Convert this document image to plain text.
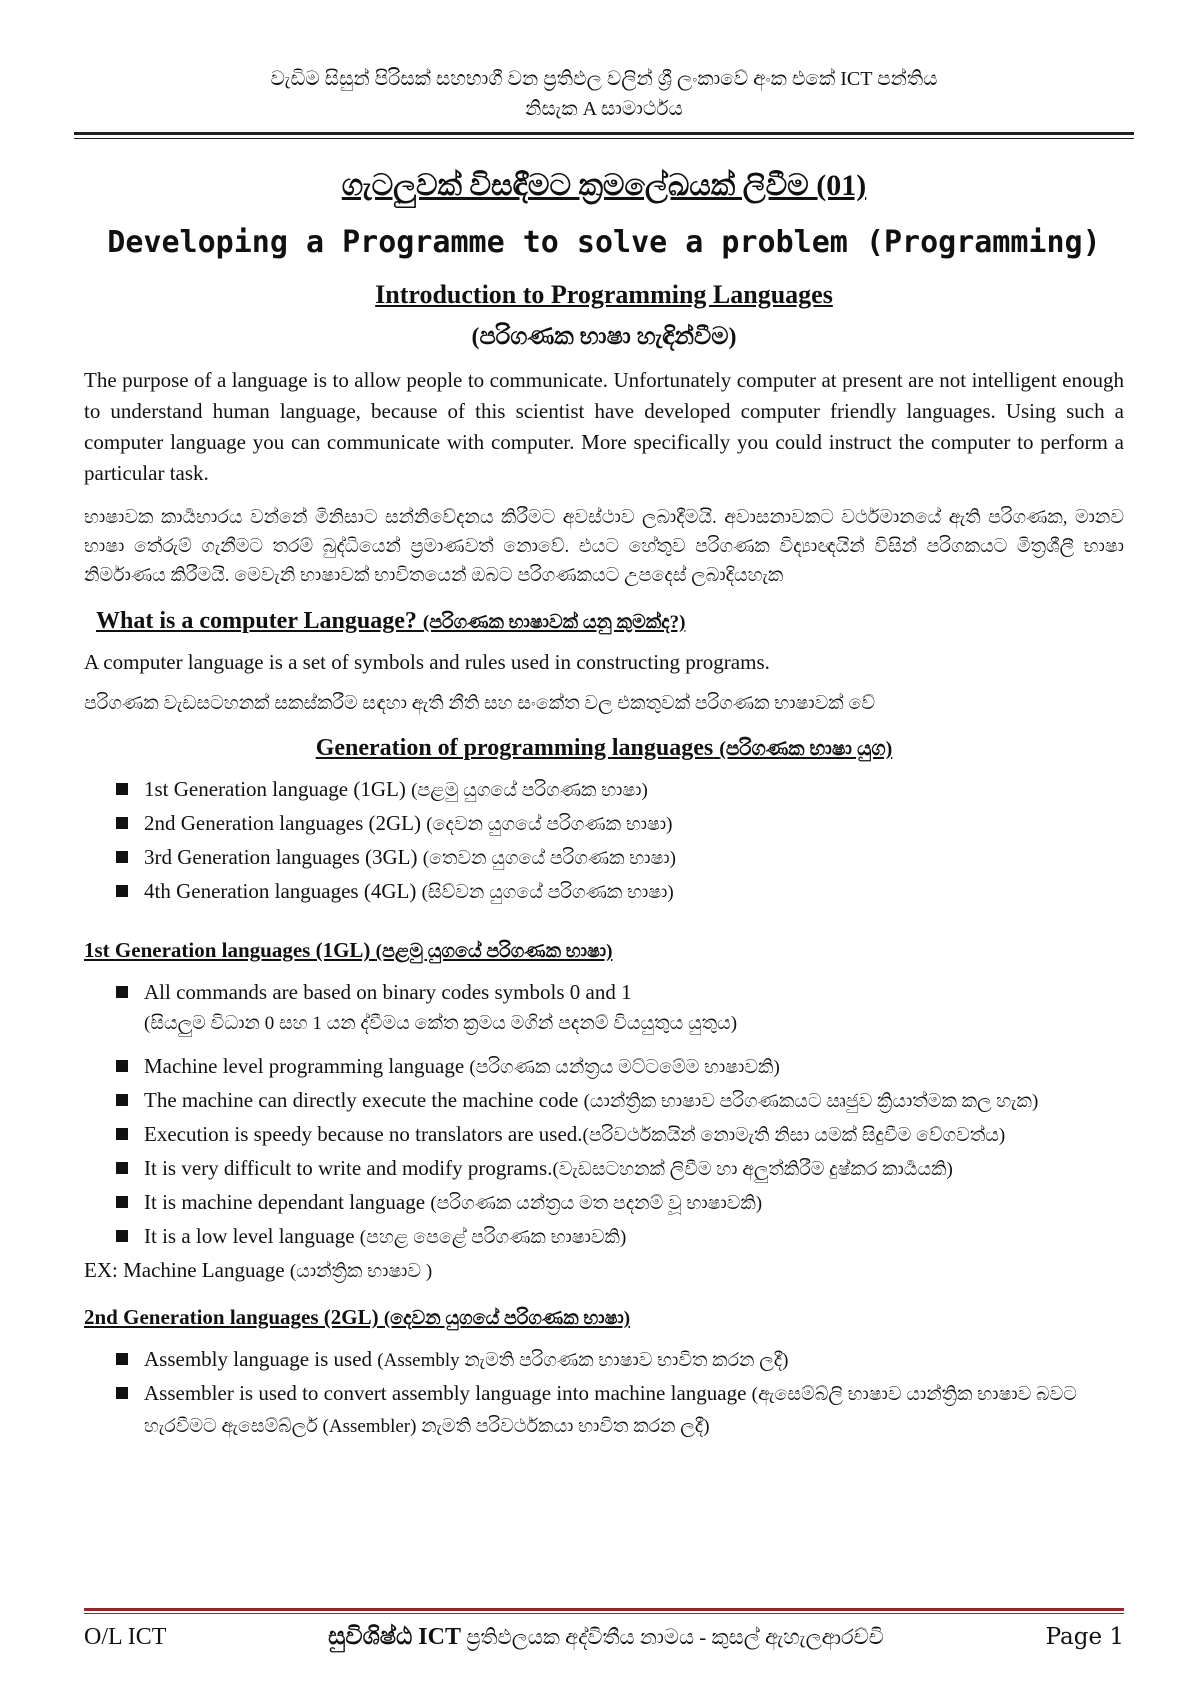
වැඩිම සිසුන් පිරිසක් සහභාගී වන ප්‍රතිඵල වලින් ශ්‍රී ලංකාවේ අංක එකේ ICT පන්තිය
නිසැක A සාමාර්ථය
ගැටලුවක් විසඳීමට ක්‍රමලේඛයක් ලිවීම (01)
Developing a Programme to solve a problem (Programming)
Introduction to Programming Languages
(පරිගණක භාෂා හැඳින්වීම)

The purpose of a language is to allow people to communicate. Unfortunately computer at present are not intelligent enough to understand human language, because of this scientist have developed computer friendly languages. Using such a computer language you can communicate with computer. More specifically you could instruct the computer to perform a particular task.

භාෂාවක කාර්‍යභාරය වන්නේ මිනිසාට සන්නිවේදනය කිරීමට අවස්ථාව ලබාදීමයි. අවාසනාවකට වර්ථමානයේ ඇති පරිගණක, මානව භාෂා තේරුම් ගැනීමට තරම් බුද්ධියෙන් ප්‍රමාණවත් නොවේ. එයට හේතුව පරිගණක විද්‍යාඥයින් විසින් පරිගකයට මිත්‍රශීලී භාෂා නිර්මාණය කිරීමයි. මෙවැනි භාෂාවක් භාවිතයෙන් ඔබට පරිගණකයට උපදෙස් ලබාදියහැක

What is a computer Language? (පරිගණක භාෂාවක් යනු කුමක්ද?)

A computer language is a set of symbols and rules used in constructing programs.

පරිගණක වැඩසටහනක් සකස්කරීම සඳහා ඇති නීති සහ සංකේත වල එකතුවක් පරිගණක භාෂාවක් වේ

Generation of programming languages (පරිගණක භාෂා යුග)
1st Generation language (1GL) (පළමු යුගයේ පරිගණක භාෂා)
2nd Generation languages (2GL) (දෙවන යුගයේ පරිගණක භාෂා)
3rd Generation languages (3GL) (තෙවන යුගයේ පරිගණක භාෂා)
4th Generation languages (4GL) (සිව්වන යුගයේ පරිගණක භාෂා)
1st Generation languages (1GL) (පළමු යුගයේ පරිගණක භාෂා)
All commands are based on binary codes symbols 0 and 1
(සියලුම විධාන 0 සහ 1 යන ද්වීමය කේත ක්‍රමය මගින් පදනම් වියයුතුය යුතුය)
Machine level programming language (පරිගණක යන්ත්‍රය මට්ටමේම භාෂාවකි)
The machine can directly execute the machine code (යාන්ත්‍රික භාෂාව පරිගණකයට ඍජුව ක්‍රියාත්මක කල හැක)
Execution is speedy because no translators are used.(පරිවර්ථකයින් නොමැති නිසා යමක් සිදුවීම වේගවත්ය)
It is very difficult to write and modify programs.(වැඩසටහනක් ලිවීම හා අලුත්කිරීම දුෂ්කර කාර්‍යයකි)
It is machine dependant language (පරිගණක යන්ත්‍රය මත පදනම් වූ භාෂාවකි)
It is a low level language (පහළ පෙළේ පරිගණක භාෂාවකි)
EX: Machine Language (යාන්ත්‍රික භාෂාව )
2nd Generation languages (2GL) (දෙවන යුගයේ පරිගණක භාෂා)
Assembly language is used (Assembly නැමති පරිගණක භාෂාව භාවිත කරන ලදී)
Assembler is used to convert assembly language into machine language (ඇසෙම්බ්ලි භාෂාව යාන්ත්‍රික භාෂාව බවට හැරවීමට ඇසෙම්බ්ලර් (Assembler) නැමති පරිවර්ථකයා භාවිත කරන ලදී)
O/L ICT	සුවිශිෂ්ඨ ICT ප්‍රතිඵලයක අද්විතීය නාමය - කුසල් ඇහැලආරච්චි	Page 1
